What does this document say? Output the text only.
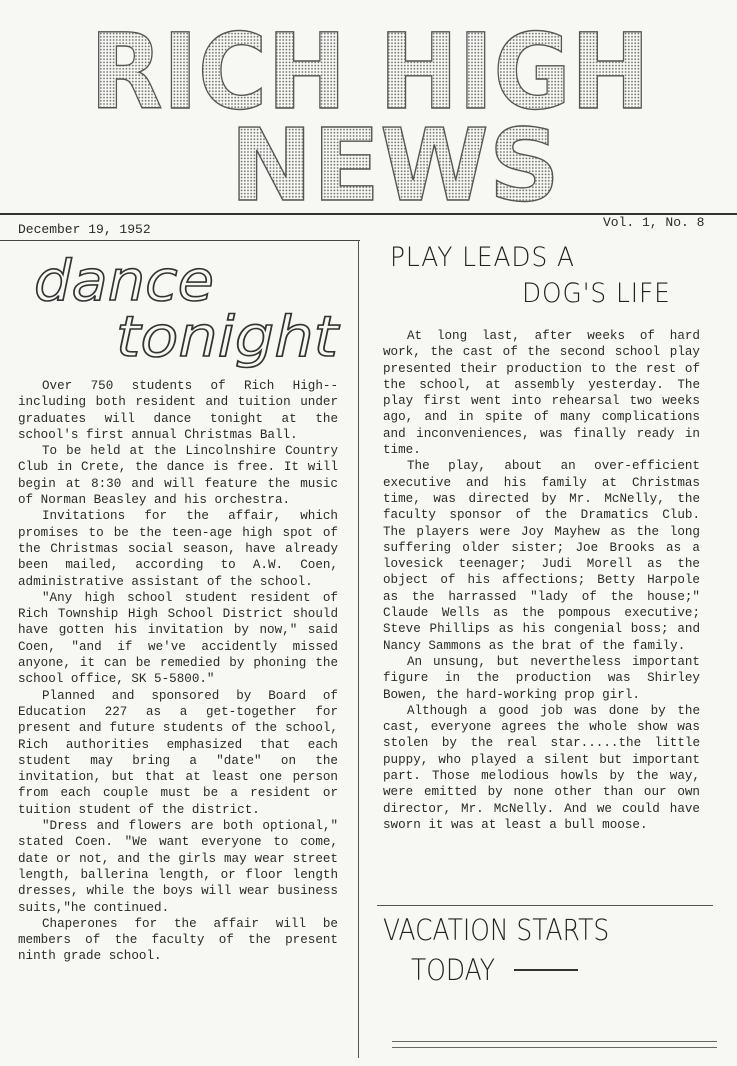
RICH HIGH
NEWS
December 19, 1952	Vol. 1, No. 8
dance
tonight

Over 750 students of Rich High--including both resident and tuition under graduates will dance tonight at the school's first annual Christmas Ball.

To be held at the Lincolnshire Country Club in Crete, the dance is free. It will begin at 8:30 and will feature the music of Norman Beasley and his orchestra.

Invitations for the affair, which promises to be the teen-age high spot of the Christmas social season, have already been mailed, according to A.W. Coen, administrative assistant of the school.

"Any high school student resident of Rich Township High School District should have gotten his invitation by now," said Coen, "and if we've accidently missed anyone, it can be remedied by phoning the school office, SK 5-5800."

Planned and sponsored by Board of Education 227 as a get-together for present and future students of the school, Rich authorities emphasized that each student may bring a "date" on the invitation, but that at least one person from each couple must be a resident or tuition student of the district.

"Dress and flowers are both optional," stated Coen. "We want everyone to come, date or not, and the girls may wear street length, ballerina length, or floor length dresses, while the boys will wear business suits,"he continued.

Chaperones for the affair will be members of the faculty of the present ninth grade school.

PLAY LEADS A
DOG'S LIFE

At long last, after weeks of hard work, the cast of the second school play presented their production to the rest of the school, at assembly yesterday. The play first went into rehearsal two weeks ago, and in spite of many complications and inconveniences, was finally ready in time.

The play, about an over-efficient executive and his family at Christmas time, was directed by Mr. McNelly, the faculty sponsor of the Dramatics Club. The players were Joy Mayhew as the long suffering older sister; Joe Brooks as a lovesick teenager; Judi Morell as the object of his affections; Betty Harpole as the harrassed "lady of the house;" Claude Wells as the pompous executive; Steve Phillips as his congenial boss; and Nancy Sammons as the brat of the family.

An unsung, but nevertheless important figure in the production was Shirley Bowen, the hard-working prop girl.

Although a good job was done by the cast, everyone agrees the whole show was stolen by the real star.....the little puppy, who played a silent but important part. Those melodious howls by the way, were emitted by none other than our own director, Mr. McNelly. And we could have sworn it was at least a bull moose.

VACATION STARTS
TODAY
